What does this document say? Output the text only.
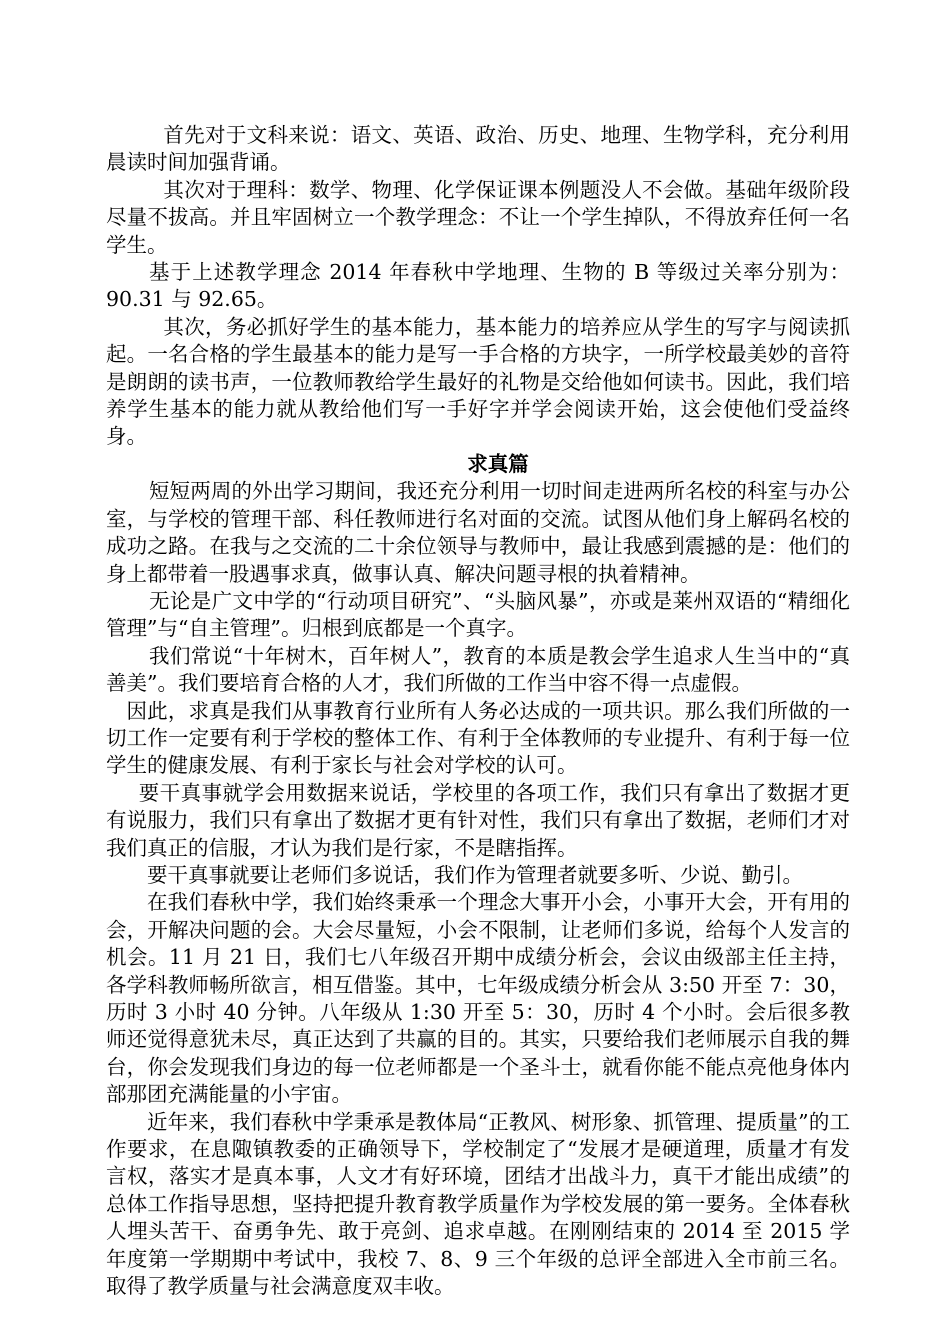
首先对于文科来说：语文、英语、政治、历史、地理、生物学科，充分利用晨读时间加强背诵。

其次对于理科：数学、物理、化学保证课本例题没人不会做。基础年级阶段尽量不拔高。并且牢固树立一个教学理念：不让一个学生掉队，不得放弃任何一名学生。

基于上述教学理念 2014 年春秋中学地理、生物的 B 等级过关率分别为：90.31 与 92.65。

其次，务必抓好学生的基本能力，基本能力的培养应从学生的写字与阅读抓起。一名合格的学生最基本的能力是写一手合格的方块字，一所学校最美妙的音符是朗朗的读书声，一位教师教给学生最好的礼物是交给他如何读书。因此，我们培养学生基本的能力就从教给他们写一手好字并学会阅读开始，这会使他们受益终身。

求真篇

短短两周的外出学习期间，我还充分利用一切时间走进两所名校的科室与办公室，与学校的管理干部、科任教师进行名对面的交流。试图从他们身上解码名校的成功之路。在我与之交流的二十余位领导与教师中，最让我感到震撼的是：他们的身上都带着一股遇事求真，做事认真、解决问题寻根的执着精神。

无论是广文中学的“行动项目研究”、“头脑风暴”，亦或是莱州双语的“精细化管理”与“自主管理”。归根到底都是一个真字。

我们常说“十年树木，百年树人”，教育的本质是教会学生追求人生当中的“真善美”。我们要培育合格的人才，我们所做的工作当中容不得一点虚假。

因此，求真是我们从事教育行业所有人务必达成的一项共识。那么我们所做的一切工作一定要有利于学校的整体工作、有利于全体教师的专业提升、有利于每一位学生的健康发展、有利于家长与社会对学校的认可。

要干真事就学会用数据来说话，学校里的各项工作，我们只有拿出了数据才更有说服力，我们只有拿出了数据才更有针对性，我们只有拿出了数据，老师们才对我们真正的信服，才认为我们是行家，不是瞎指挥。

要干真事就要让老师们多说话，我们作为管理者就要多听、少说、勤引。

在我们春秋中学，我们始终秉承一个理念大事开小会，小事开大会，开有用的会，开解决问题的会。大会尽量短，小会不限制，让老师们多说，给每个人发言的机会。11 月 21 日，我们七八年级召开期中成绩分析会，会议由级部主任主持，各学科教师畅所欲言，相互借鉴。其中，七年级成绩分析会从 3:50 开至 7：30，历时 3 小时 40 分钟。八年级从 1:30 开至 5：30，历时 4 个小时。会后很多教师还觉得意犹未尽，真正达到了共赢的目的。其实，只要给我们老师展示自我的舞台，你会发现我们身边的每一位老师都是一个圣斗士，就看你能不能点亮他身体内部那团充满能量的小宇宙。

近年来，我们春秋中学秉承是教体局“正教风、树形象、抓管理、提质量”的工作要求，在息陬镇教委的正确领导下，学校制定了“发展才是硬道理，质量才有发言权，落实才是真本事，人文才有好环境，团结才出战斗力，真干才能出成绩”的总体工作指导思想，坚持把提升教育教学质量作为学校发展的第一要务。全体春秋人埋头苦干、奋勇争先、敢于亮剑、追求卓越。在刚刚结束的 2014 至 2015 学年度第一学期期中考试中，我校 7、8、9 三个年级的总评全部进入全市前三名。取得了教学质量与社会满意度双丰收。
